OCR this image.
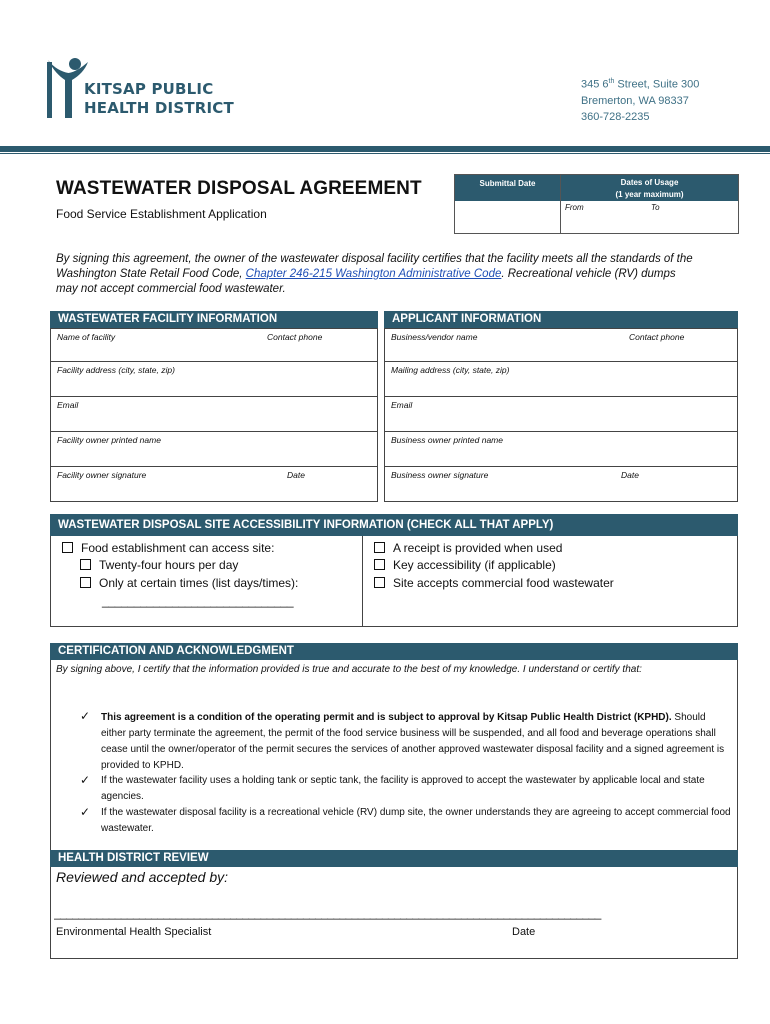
KITSAP PUBLIC
HEALTH DISTRICT
345 6th Street, Suite 300
Bremerton, WA 98337
360-728-2235
WASTEWATER DISPOSAL AGREEMENT
Food Service Establishment Application
Submittal Date	Dates of Usage
(1 year maximum)
From	To
By signing this agreement, the owner of the wastewater disposal facility certifies that the facility meets all the standards of the Washington State Retail Food Code, Chapter 246-215 Washington Administrative Code. Recreational vehicle (RV) dumps may not accept commercial food wastewater.
WASTEWATER FACILITY INFORMATION	APPLICANT INFORMATION
Name of facility	Contact phone
Facility address (city, state, zip)
Email
Facility owner printed name
Facility owner signature	Date
Business/vendor name	Contact phone
Mailing address (city, state, zip)
Email
Business owner printed name
Business owner signature	Date
WASTEWATER DISPOSAL SITE ACCESSIBILITY INFORMATION (CHECK ALL THAT APPLY)
Food establishment can access site:
Twenty-four hours per day
Only at certain times (list days/times):
______________________________
A receipt is provided when used
Key accessibility (if applicable)
Site accepts commercial food wastewater
CERTIFICATION AND ACKNOWLEDGMENT
By signing above, I certify that the information provided is true and accurate to the best of my knowledge. I understand or certify that:
✓ This agreement is a condition of the operating permit and is subject to approval by Kitsap Public Health District (KPHD). Should either party terminate the agreement, the permit of the food service business will be suspended, and all food and beverage operations shall cease until the owner/operator of the permit secures the services of another approved wastewater disposal facility and a signed agreement is provided to KPHD.
✓ If the wastewater facility uses a holding tank or septic tank, the facility is approved to accept the wastewater by applicable local and state agencies.
✓ If the wastewater disposal facility is a recreational vehicle (RV) dump site, the owner understands they are agreeing to accept commercial food wastewater.
HEALTH DISTRICT REVIEW
Reviewed and accepted by:
__________________________________________________________________________________________
Environmental Health Specialist	Date
